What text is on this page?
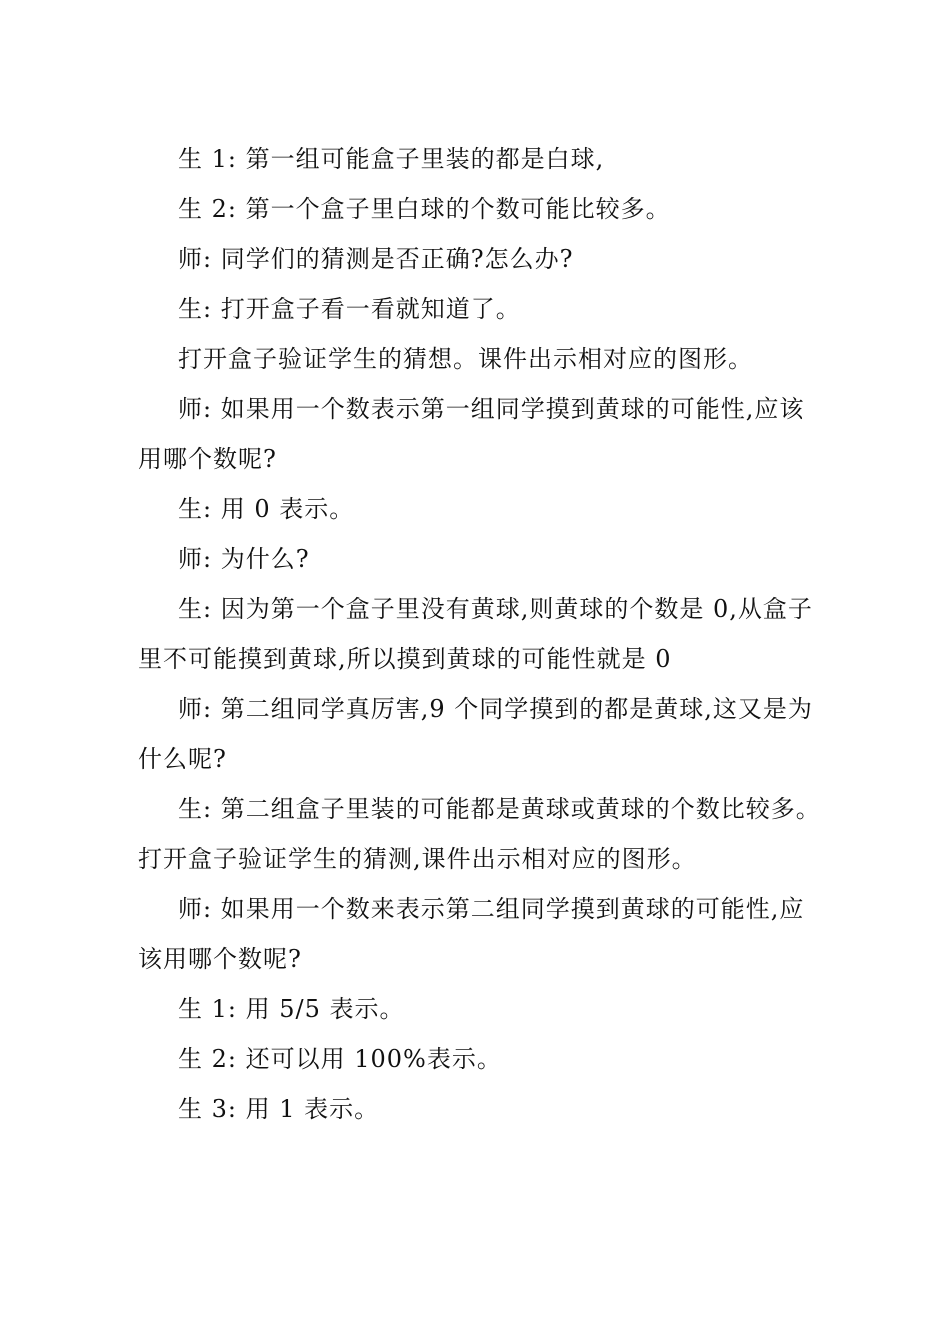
生 1: 第一组可能盒子里装的都是白球,

生 2: 第一个盒子里白球的个数可能比较多。

师: 同学们的猜测是否正确?怎么办?

生: 打开盒子看一看就知道了。

打开盒子验证学生的猜想。课件出示相对应的图形。

师: 如果用一个数表示第一组同学摸到黄球的可能性,应该用哪个数呢?

生: 用 0 表示。

师: 为什么?

生: 因为第一个盒子里没有黄球,则黄球的个数是 0,从盒子里不可能摸到黄球,所以摸到黄球的可能性就是 0

师: 第二组同学真厉害,9 个同学摸到的都是黄球,这又是为什么呢?

生: 第二组盒子里装的可能都是黄球或黄球的个数比较多。打开盒子验证学生的猜测,课件出示相对应的图形。

师: 如果用一个数来表示第二组同学摸到黄球的可能性,应该用哪个数呢?

生 1: 用 5/5 表示。

生 2: 还可以用 100%表示。

生 3: 用 1 表示。
